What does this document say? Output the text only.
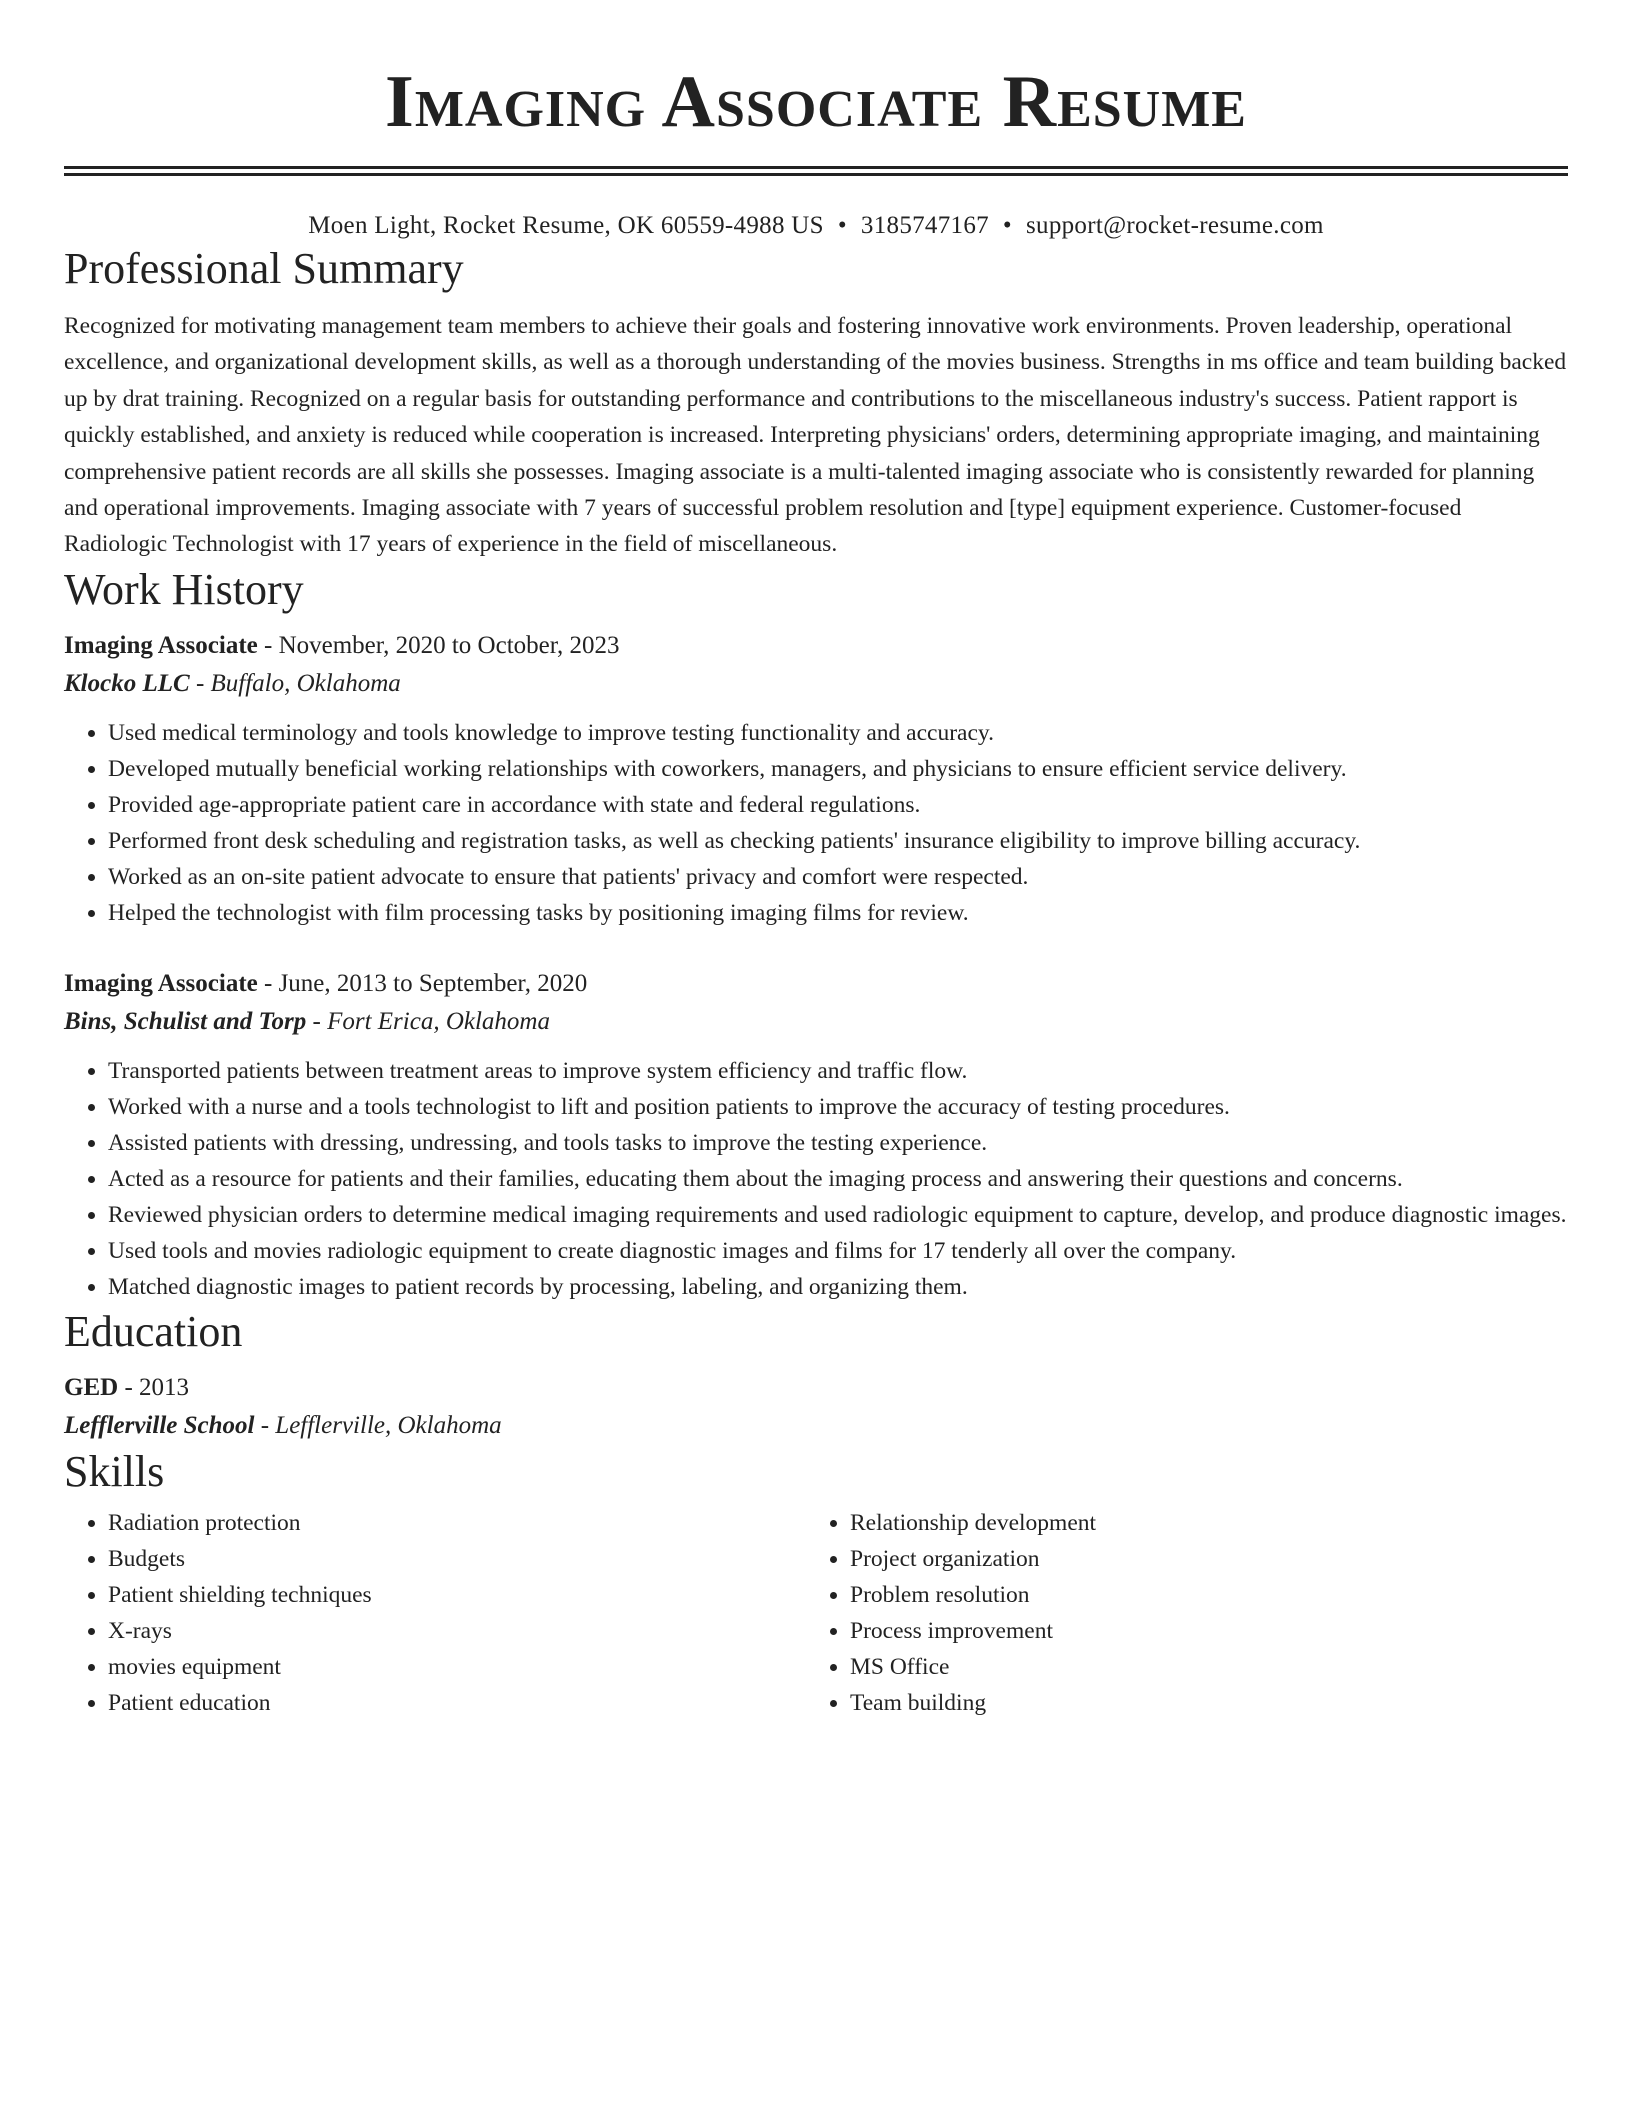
Imaging Associate Resume
Moen Light, Rocket Resume, OK 60559-4988 US • 3185747167 • support@rocket-resume.com
Professional Summary

Recognized for motivating management team members to achieve their goals and fostering innovative work environments. Proven leadership, operational excellence, and organizational development skills, as well as a thorough understanding of the movies business. Strengths in ms office and team building backed up by drat training. Recognized on a regular basis for outstanding performance and contributions to the miscellaneous industry's success. Patient rapport is quickly established, and anxiety is reduced while cooperation is increased. Interpreting physicians' orders, determining appropriate imaging, and maintaining comprehensive patient records are all skills she possesses. Imaging associate is a multi-talented imaging associate who is consistently rewarded for planning and operational improvements. Imaging associate with 7 years of successful problem resolution and [type] equipment experience. Customer-focused Radiologic Technologist with 17 years of experience in the field of miscellaneous.

Work History
Imaging Associate - November, 2020 to October, 2023
Klocko LLC - Buffalo, Oklahoma
• Used medical terminology and tools knowledge to improve testing functionality and accuracy.
• Developed mutually beneficial working relationships with coworkers, managers, and physicians to ensure efficient service delivery.
• Provided age-appropriate patient care in accordance with state and federal regulations.
• Performed front desk scheduling and registration tasks, as well as checking patients' insurance eligibility to improve billing accuracy.
• Worked as an on-site patient advocate to ensure that patients' privacy and comfort were respected.
• Helped the technologist with film processing tasks by positioning imaging films for review.
Imaging Associate - June, 2013 to September, 2020
Bins, Schulist and Torp - Fort Erica, Oklahoma
• Transported patients between treatment areas to improve system efficiency and traffic flow.
• Worked with a nurse and a tools technologist to lift and position patients to improve the accuracy of testing procedures.
• Assisted patients with dressing, undressing, and tools tasks to improve the testing experience.
• Acted as a resource for patients and their families, educating them about the imaging process and answering their questions and concerns.
• Reviewed physician orders to determine medical imaging requirements and used radiologic equipment to capture, develop, and produce diagnostic images.
• Used tools and movies radiologic equipment to create diagnostic images and films for 17 tenderly all over the company.
• Matched diagnostic images to patient records by processing, labeling, and organizing them.
Education
GED - 2013
Lefflerville School - Lefflerville, Oklahoma
Skills
• Radiation protection
• Budgets
• Patient shielding techniques
• X-rays
• movies equipment
• Patient education
• Relationship development
• Project organization
• Problem resolution
• Process improvement
• MS Office
• Team building
